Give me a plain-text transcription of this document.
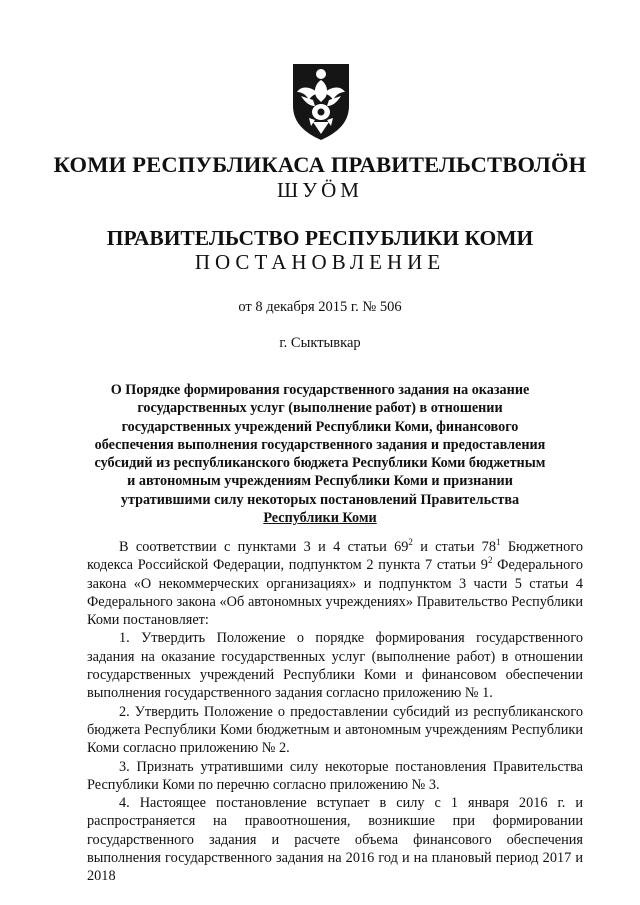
КОМИ РЕСПУБЛИКАСА ПРАВИТЕЛЬСТВОЛӦН
ШУӦМ
ПРАВИТЕЛЬСТВО РЕСПУБЛИКИ КОМИ
ПОСТАНОВЛЕНИЕ
от 8 декабря 2015 г. № 506
г. Сыктывкар
О Порядке формирования государственного задания на оказание
государственных услуг (выполнение работ) в отношении
государственных учреждений Республики Коми, финансового
обеспечения выполнения государственного задания и предоставления
субсидий из республиканского бюджета Республики Коми бюджетным
и автономным учреждениям Республики Коми и признании
утратившими силу некоторых постановлений Правительства
Республики Коми

В соответствии с пунктами 3 и 4 статьи $69^2$ и статьи $78^1$ Бюджетного кодекса Российской Федерации, подпунктом 2 пункта 7 статьи $9^2$ Федерального закона «О некоммерческих организациях» и подпунктом 3 части 5 статьи 4 Федерального закона «Об автономных учреждениях» Правительство Республики Коми постановляет:

1. Утвердить Положение о порядке формирования государственного задания на оказание государственных услуг (выполнение работ) в отношении государственных учреждений Республики Коми и финансовом обеспечении выполнения государственного задания согласно приложению № 1.

2. Утвердить Положение о предоставлении субсидий из республиканского бюджета Республики Коми бюджетным и автономным учреждениям Республики Коми согласно приложению № 2.

3. Признать утратившими силу некоторые постановления Правительства Республики Коми по перечню согласно приложению № 3.

4. Настоящее постановление вступает в силу с 1 января 2016 г. и распространяется на правоотношения, возникшие при формировании государственного задания и расчете объема финансового обеспечения выполнения государственного задания на 2016 год и на плановый период 2017 и 2018
